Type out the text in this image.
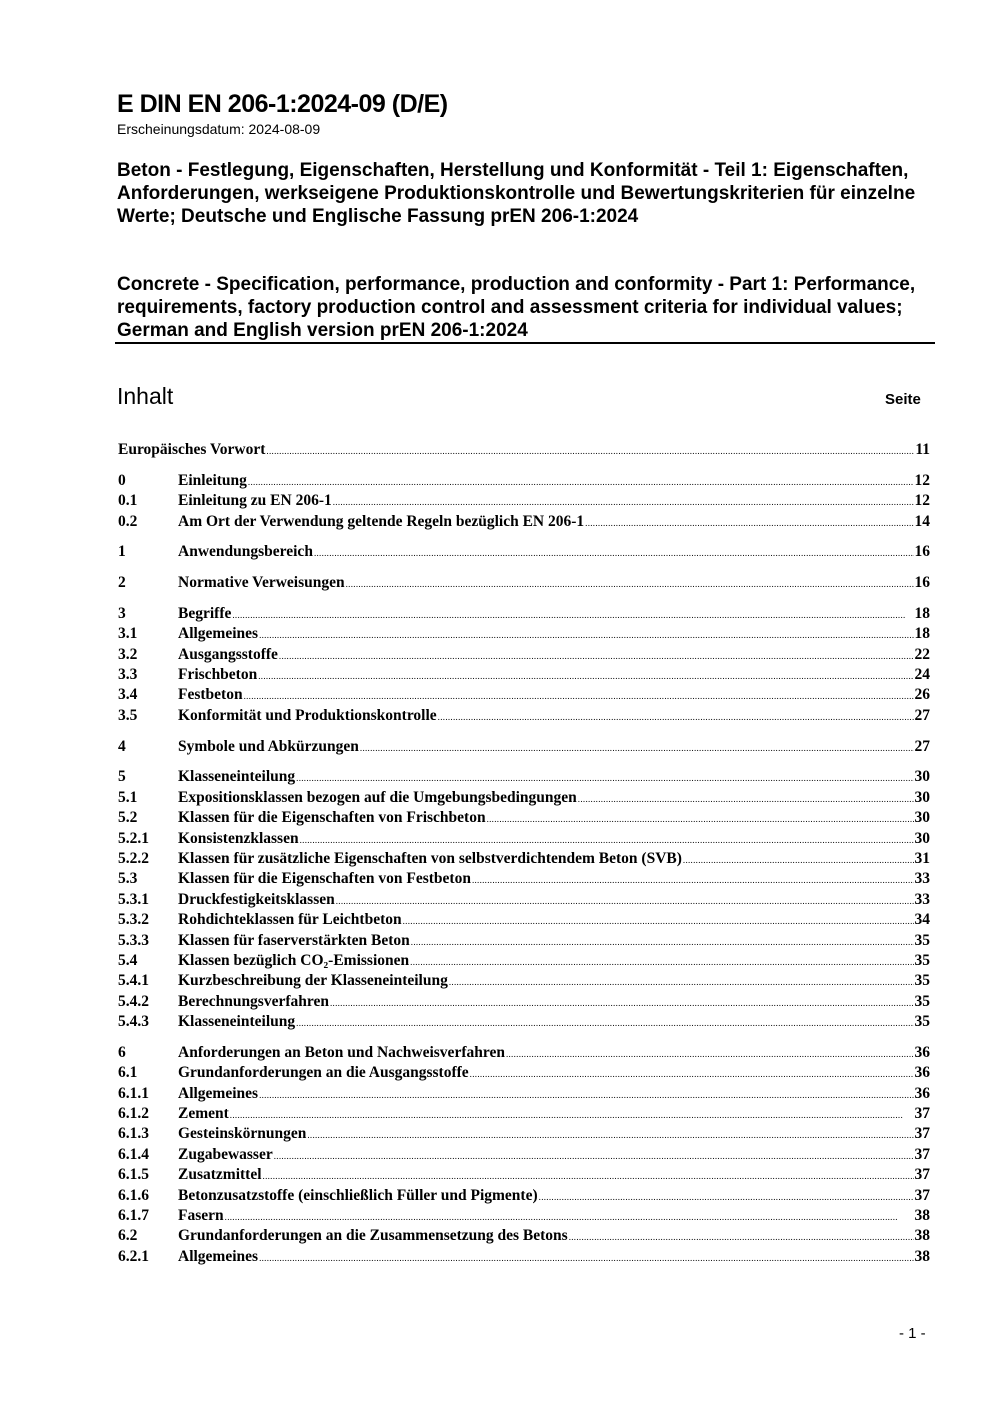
E DIN EN 206-1:2024-09 (D/E)
Erscheinungsdatum: 2024-08-09
Beton - Festlegung, Eigenschaften, Herstellung und Konformität - Teil 1: Eigenschaften, Anforderungen, werkseigene Produktionskontrolle und Bewertungskriterien für einzelne Werte; Deutsche und Englische Fassung prEN 206-1:2024
Concrete - Specification, performance, production and conformity - Part 1: Performance, requirements, factory production control and assessment criteria for individual values; German and English version prEN 206-1:2024
Inhalt	Seite
Europäisches Vorwort .....	11
0	Einleitung .....	12
0.1	Einleitung zu EN 206-1 .....	12
0.2	Am Ort der Verwendung geltende Regeln bezüglich EN 206-1 .....	14
1	Anwendungsbereich .....	16
2	Normative Verweisungen .....	16
3	Begriffe .....	18
3.1	Allgemeines .....	18
3.2	Ausgangsstoffe .....	22
3.3	Frischbeton .....	24
3.4	Festbeton .....	26
3.5	Konformität und Produktionskontrolle .....	27
4	Symbole und Abkürzungen .....	27
5	Klasseneinteilung .....	30
5.1	Expositionsklassen bezogen auf die Umgebungsbedingungen .....	30
5.2	Klassen für die Eigenschaften von Frischbeton .....	30
5.2.1	Konsistenzklassen .....	30
5.2.2	Klassen für zusätzliche Eigenschaften von selbstverdichtendem Beton (SVB) .....	31
5.3	Klassen für die Eigenschaften von Festbeton .....	33
5.3.1	Druckfestigkeitsklassen .....	33
5.3.2	Rohdichteklassen für Leichtbeton .....	34
5.3.3	Klassen für faserverstärkten Beton .....	35
5.4	Klassen bezüglich CO₂-Emissionen .....	35
5.4.1	Kurzbeschreibung der Klasseneinteilung .....	35
5.4.2	Berechnungsverfahren .....	35
5.4.3	Klasseneinteilung .....	35
6	Anforderungen an Beton und Nachweisverfahren .....	36
6.1	Grundanforderungen an die Ausgangsstoffe .....	36
6.1.1	Allgemeines .....	36
6.1.2	Zement .....	37
6.1.3	Gesteinskörnungen .....	37
6.1.4	Zugabewasser .....	37
6.1.5	Zusatzmittel .....	37
6.1.6	Betonzusatzstoffe (einschließlich Füller und Pigmente) .....	37
6.1.7	Fasern .....	38
6.2	Grundanforderungen an die Zusammensetzung des Betons .....	38
6.2.1	Allgemeines .....	38
- 1 -
